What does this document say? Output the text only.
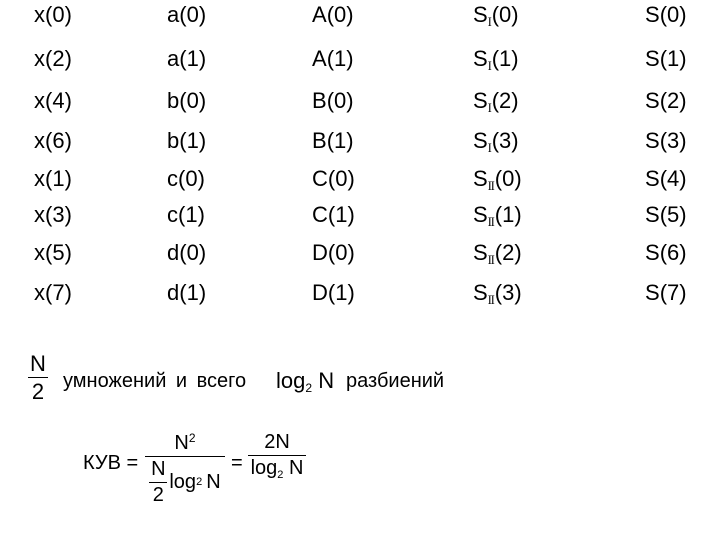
x ( 0 )
x ( 2 )
x ( 4 )
x ( 6 )
x ( 1 )
x ( 3 )
x ( 5 )
x ( 7 )
a ( 0 )
a ( 1 )
b ( 0 )
b ( 1 )
c ( 0 )
c ( 1 )
d ( 0 )
d ( 1 )
A ( 0 )
A ( 1 )
B ( 0 )
B ( 1 )
C ( 0 )
C ( 1 )
D ( 0 )
D ( 1 )
$S_I$ ( 0 )
$S_I$ ( 1 )
$S_I$ ( 2 )
$S_I$ ( 3 )
$S_{II}$ ( 0 )
$S_{II}$ ( 1 )
$S_{II}$ ( 2 )
$S_{II}$ ( 3 )
S ( 0 )
S ( 1 )
S ( 2 )
S ( 3 )
S ( 4 )
S ( 5 )
S ( 6 )
S ( 7 )
N
2 умножений и всего $\log_2 N$ разбиений
КУВ =
$N^2$
N
2
log 2 N
=
2N
$\log_2 N$
